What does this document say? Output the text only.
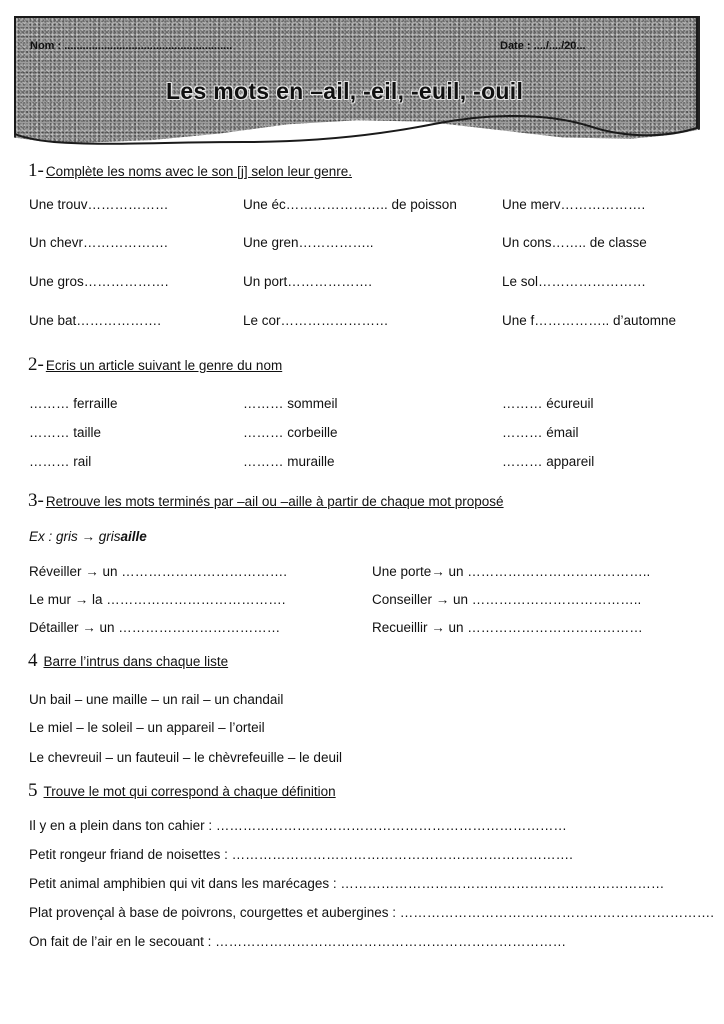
Nom : .......................................................	Date : ..../..../20...
Les mots en –ail, -eil, -euil, -ouil
1- Complète les noms avec le son [j] selon leur genre.
Une trouv………………	Une éc………………….. de poisson	Une merv……………….
Un chevr……………….	Une gren……………..	Un cons…….. de classe
Une gros……………….	Un port……………….	Le sol……………………
Une bat……………….	Le cor……………………	Une f…………….. d’automne
2- Ecris un article suivant le genre du nom
……… ferraille	……… sommeil	……… écureuil
……… taille	……… corbeille	……… émail
……… rail	……… muraille	……… appareil
3- Retrouve les mots terminés par –ail ou –aille à partir de chaque mot proposé
Ex : gris → grisaille
Réveiller → un ……………………………….	Une porte→ un …………………………………..
Le mur → la ………………………………….	Conseiller → un ………………………………..
Détailler → un ………………………………	Recueillir → un …………………………………
4 Barre l’intrus dans chaque liste
Un bail – une maille – un rail – un chandail
Le miel – le soleil – un appareil – l’orteil
Le chevreuil – un fauteuil – le chèvrefeuille – le deuil
5 Trouve le mot qui correspond à chaque définition
Il y en a plein dans ton cahier : ……………………………………………………………………
Petit rongeur friand de noisettes : ………………………………………………………………….
Petit animal amphibien qui vit dans les marécages : ………………………………………………………………
Plat provençal à base de poivrons, courgettes et aubergines : …………………………………………………………….
On fait de l’air en le secouant : ……………………………………………………………………
